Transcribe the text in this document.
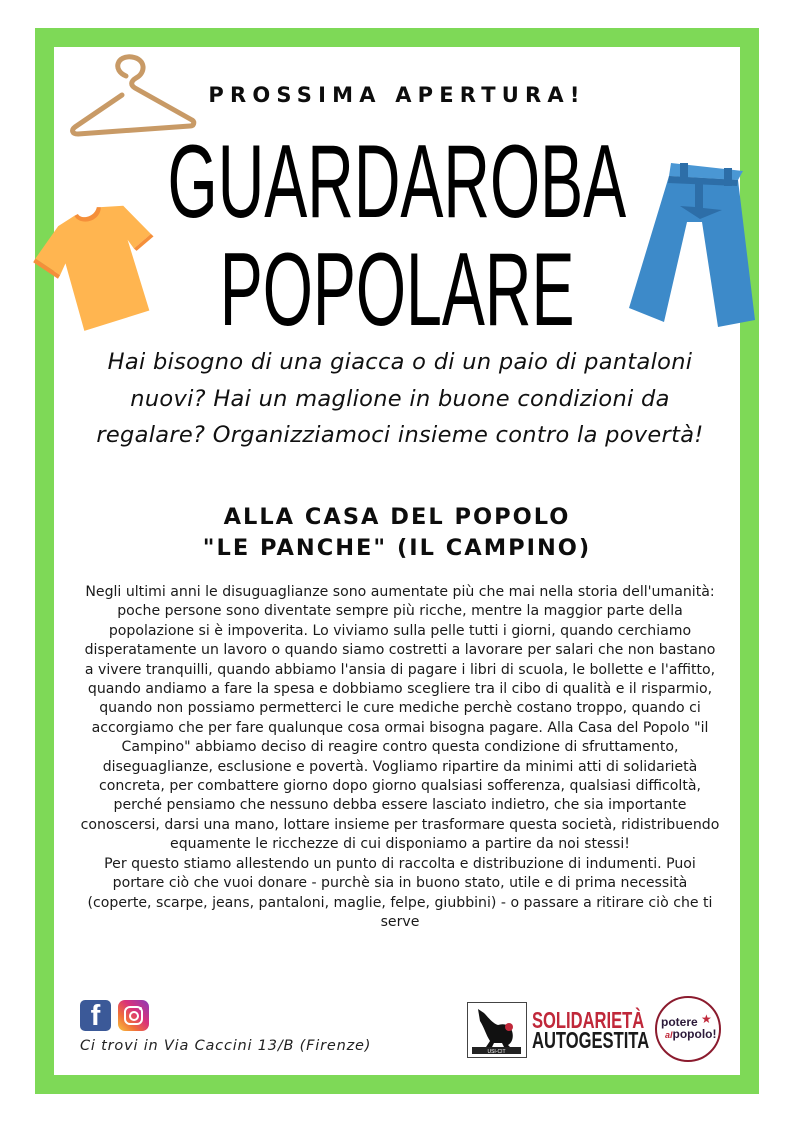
PROSSIMA APERTURA!
GUARDAROBA
POPOLARE
Hai bisogno di una giacca o di un paio di pantaloni nuovi? Hai un maglione in buone condizioni da regalare? Organizziamoci insieme contro la povertà!
ALLA CASA DEL POPOLO
"LE PANCHE" (IL CAMPINO)

Negli ultimi anni le disuguaglianze sono aumentate più che mai nella storia dell'umanità: poche persone sono diventate sempre più ricche, mentre la maggior parte della popolazione si è impoverita. Lo viviamo sulla pelle tutti i giorni, quando cerchiamo disperatamente un lavoro o quando siamo costretti a lavorare per salari che non bastano a vivere tranquilli, quando abbiamo l'ansia di pagare i libri di scuola, le bollette e l'affitto, quando andiamo a fare la spesa e dobbiamo scegliere tra il cibo di qualità e il risparmio, quando non possiamo permetterci le cure mediche perchè costano troppo, quando ci accorgiamo che per fare qualunque cosa ormai bisogna pagare. Alla Casa del Popolo "il Campino" abbiamo deciso di reagire contro questa condizione di sfruttamento, diseguaglianze, esclusione e povertà. Vogliamo ripartire da minimi atti di solidarietà concreta, per combattere giorno dopo giorno qualsiasi sofferenza, qualsiasi difficoltà, perché pensiamo che nessuno debba essere lasciato indietro, che sia importante conoscersi, darsi una mano, lottare insieme per trasformare questa società, ridistribuendo equamente le ricchezze di cui disponiamo a partire da noi stessi!

Per questo stiamo allestendo un punto di raccolta e distribuzione di indumenti. Puoi portare ciò che vuoi donare - purchè sia in buono stato, utile e di prima necessità (coperte, scarpe, jeans, pantaloni, maglie, felpe, giubbini) - o passare a ritirare ciò che ti serve

f
Ci trovi in Via Caccini 13/B (Firenze)	USI-CIT
SOLIDARIETÀ
AUTOGESTITA
potere ★
alpopolo!
